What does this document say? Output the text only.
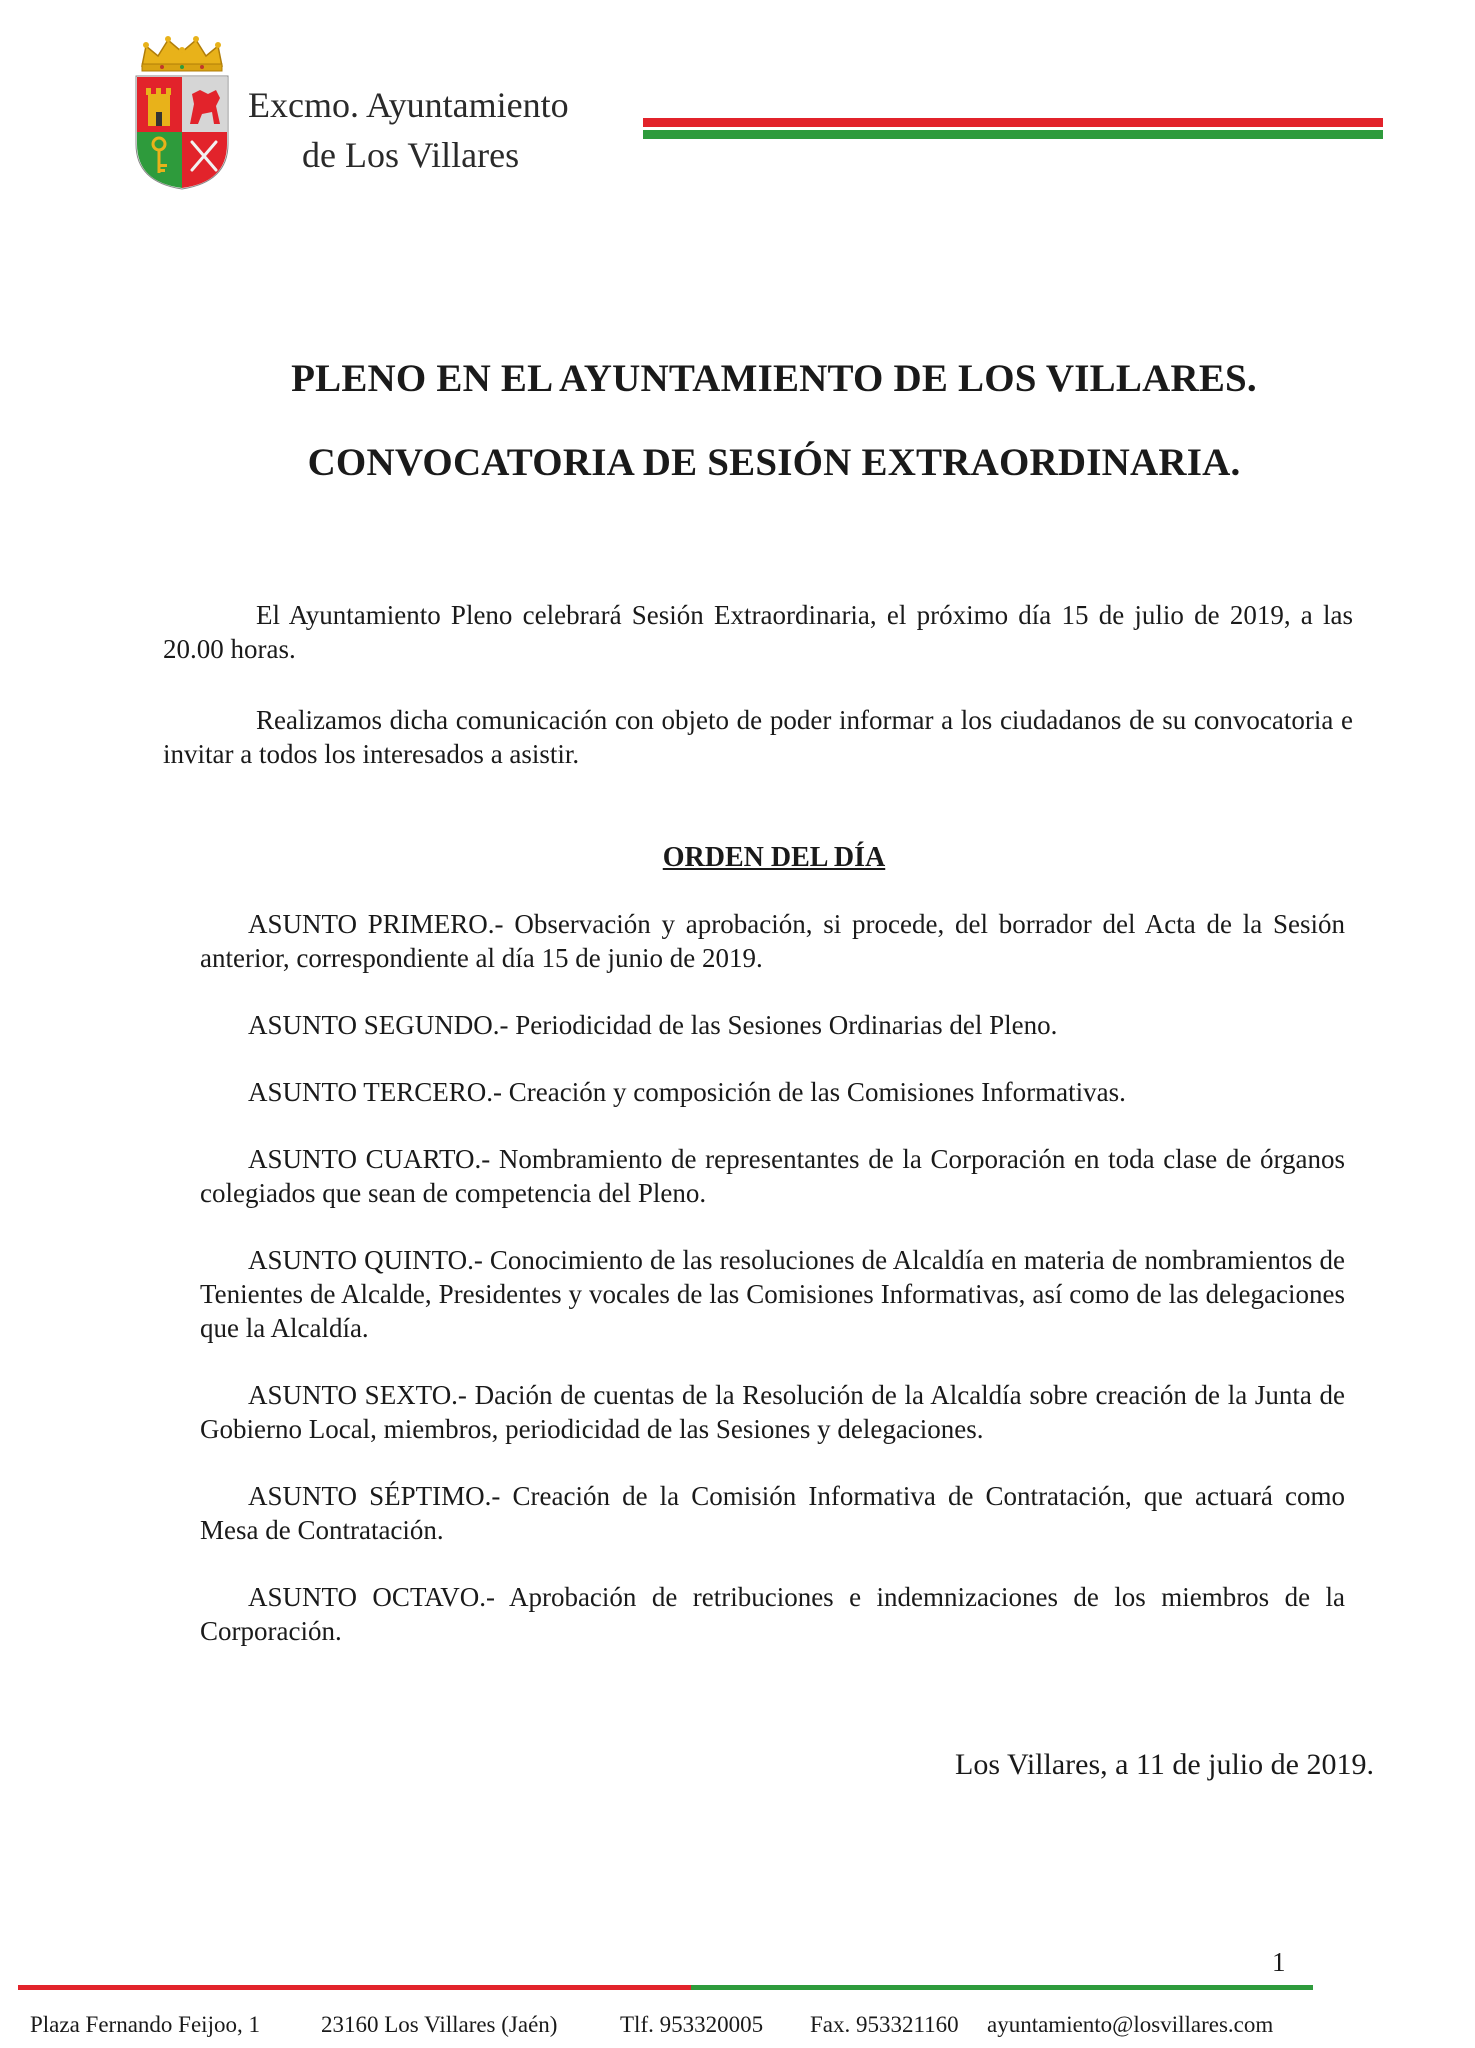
Excmo. Ayuntamiento
de Los Villares
PLENO EN EL AYUNTAMIENTO DE LOS VILLARES.
CONVOCATORIA DE SESIÓN EXTRAORDINARIA.
El Ayuntamiento Pleno celebrará Sesión Extraordinaria, el próximo día 15 de julio de 2019, a las 20.00 horas.
Realizamos dicha comunicación con objeto de poder informar a los ciudadanos de su convocatoria e invitar a todos los interesados a asistir.
ORDEN DEL DÍA

ASUNTO PRIMERO.- Observación y aprobación, si procede, del borrador del Acta de la Sesión anterior, correspondiente al día 15 de junio de 2019.

ASUNTO SEGUNDO.- Periodicidad de las Sesiones Ordinarias del Pleno.

ASUNTO TERCERO.- Creación y composición de las Comisiones Informativas.

ASUNTO CUARTO.- Nombramiento de representantes de la Corporación en toda clase de órganos colegiados que sean de competencia del Pleno.

ASUNTO QUINTO.- Conocimiento de las resoluciones de Alcaldía en materia de nombramientos de Tenientes de Alcalde, Presidentes y vocales de las Comisiones Informativas, así como de las delegaciones que la Alcaldía.

ASUNTO SEXTO.- Dación de cuentas de la Resolución de la Alcaldía sobre creación de la Junta de Gobierno Local, miembros, periodicidad de las Sesiones y delegaciones.

ASUNTO SÉPTIMO.- Creación de la Comisión Informativa de Contratación, que actuará como Mesa de Contratación.

ASUNTO OCTAVO.- Aprobación de retribuciones e indemnizaciones de los miembros de la Corporación.

Los Villares, a 11 de julio de 2019.
1
Plaza Fernando Feijoo, 1	23160 Los Villares (Jaén)	Tlf. 953320005 Fax. 953321160 ayuntamiento@losvillares.com
